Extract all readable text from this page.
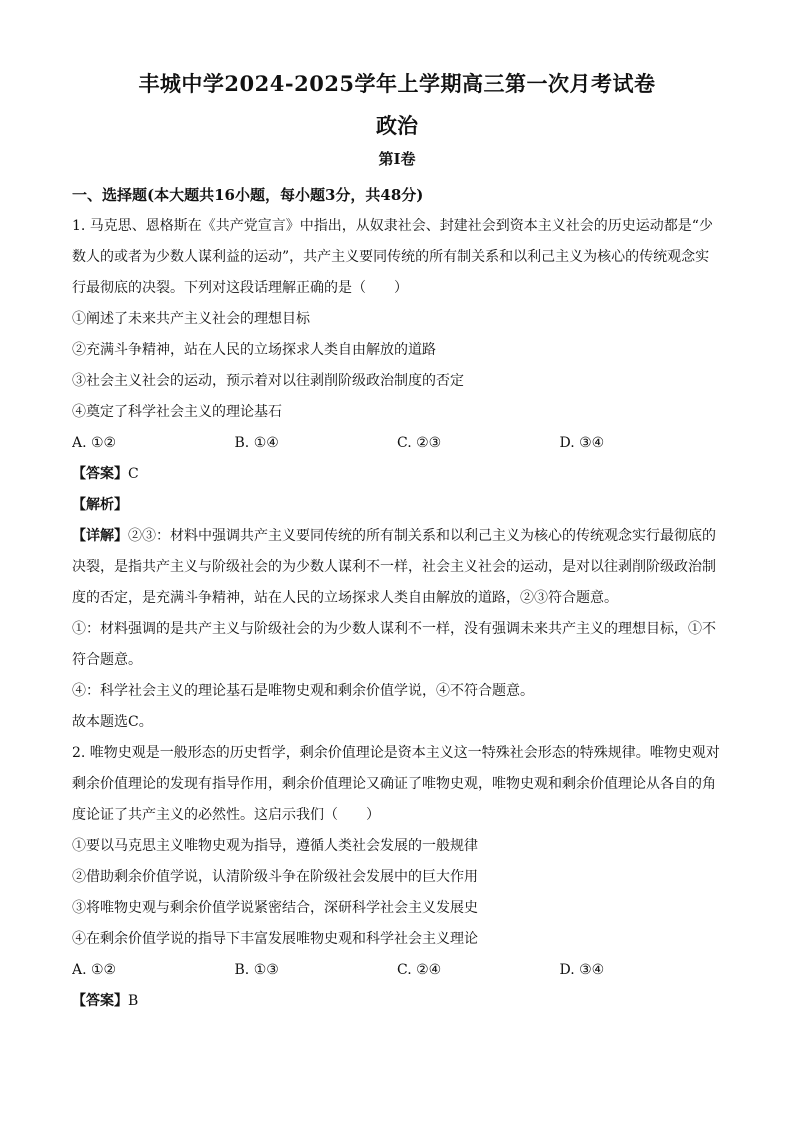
丰城中学2024-2025学年上学期高三第一次月考试卷
政治
第I卷
一、选择题(本大题共16小题，每小题3分，共48分)
1. 马克思、恩格斯在《共产党宣言》中指出，从奴隶社会、封建社会到资本主义社会的历史运动都是“少
数人的或者为少数人谋利益的运动”，共产主义要同传统的所有制关系和以利己主义为核心的传统观念实
行最彻底的决裂。下列对这段话理解正确的是（　　）
①阐述了未来共产主义社会的理想目标
②充满斗争精神，站在人民的立场探求人类自由解放的道路
③社会主义社会的运动，预示着对以往剥削阶级政治制度的否定
④奠定了科学社会主义的理论基石
A. ①②	B. ①④	C. ②③	D. ③④
【答案】C
【解析】
【详解】②③：材料中强调共产主义要同传统的所有制关系和以利己主义为核心的传统观念实行最彻底的
决裂，是指共产主义与阶级社会的为少数人谋利不一样，社会主义社会的运动，是对以往剥削阶级政治制
度的否定，是充满斗争精神，站在人民的立场探求人类自由解放的道路，②③符合题意。
①：材料强调的是共产主义与阶级社会的为少数人谋利不一样，没有强调未来共产主义的理想目标，①不
符合题意。
④：科学社会主义的理论基石是唯物史观和剩余价值学说，④不符合题意。
故本题选C。
2. 唯物史观是一般形态的历史哲学，剩余价值理论是资本主义这一特殊社会形态的特殊规律。唯物史观对
剩余价值理论的发现有指导作用，剩余价值理论又确证了唯物史观，唯物史观和剩余价值理论从各自的角
度论证了共产主义的必然性。这启示我们（　　）
①要以马克思主义唯物史观为指导，遵循人类社会发展的一般规律
②借助剩余价值学说，认清阶级斗争在阶级社会发展中的巨大作用
③将唯物史观与剩余价值学说紧密结合，深研科学社会主义发展史
④在剩余价值学说的指导下丰富发展唯物史观和科学社会主义理论
A. ①②	B. ①③	C. ②④	D. ③④
【答案】B
